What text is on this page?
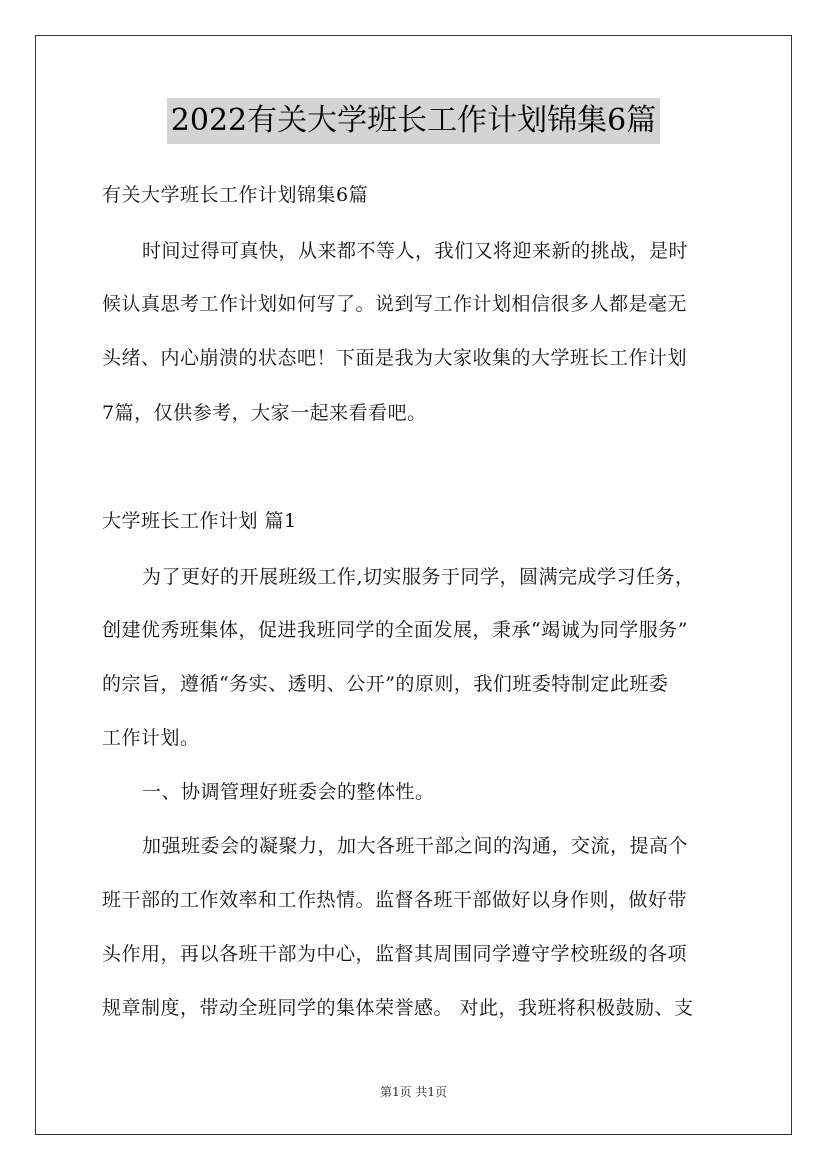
2022有关大学班长工作计划锦集6篇
有关大学班长工作计划锦集6篇
时间过得可真快，从来都不等人，我们又将迎来新的挑战，是时
候认真思考工作计划如何写了。说到写工作计划相信很多人都是毫无
头绪、内心崩溃的状态吧！下面是我为大家收集的大学班长工作计划
7篇，仅供参考，大家一起来看看吧。
大学班长工作计划 篇1
为了更好的开展班级工作,切实服务于同学，圆满完成学习任务，
创建优秀班集体，促进我班同学的全面发展，秉承“竭诚为同学服务”
的宗旨，遵循“务实、透明、公开”的原则，我们班委特制定此班委
工作计划。
一、协调管理好班委会的整体性。
加强班委会的凝聚力，加大各班干部之间的沟通，交流，提高个
班干部的工作效率和工作热情。监督各班干部做好以身作则，做好带
头作用，再以各班干部为中心，监督其周围同学遵守学校班级的各项
规章制度，带动全班同学的集体荣誉感。 对此，我班将积极鼓励、支
第1页 共1页
